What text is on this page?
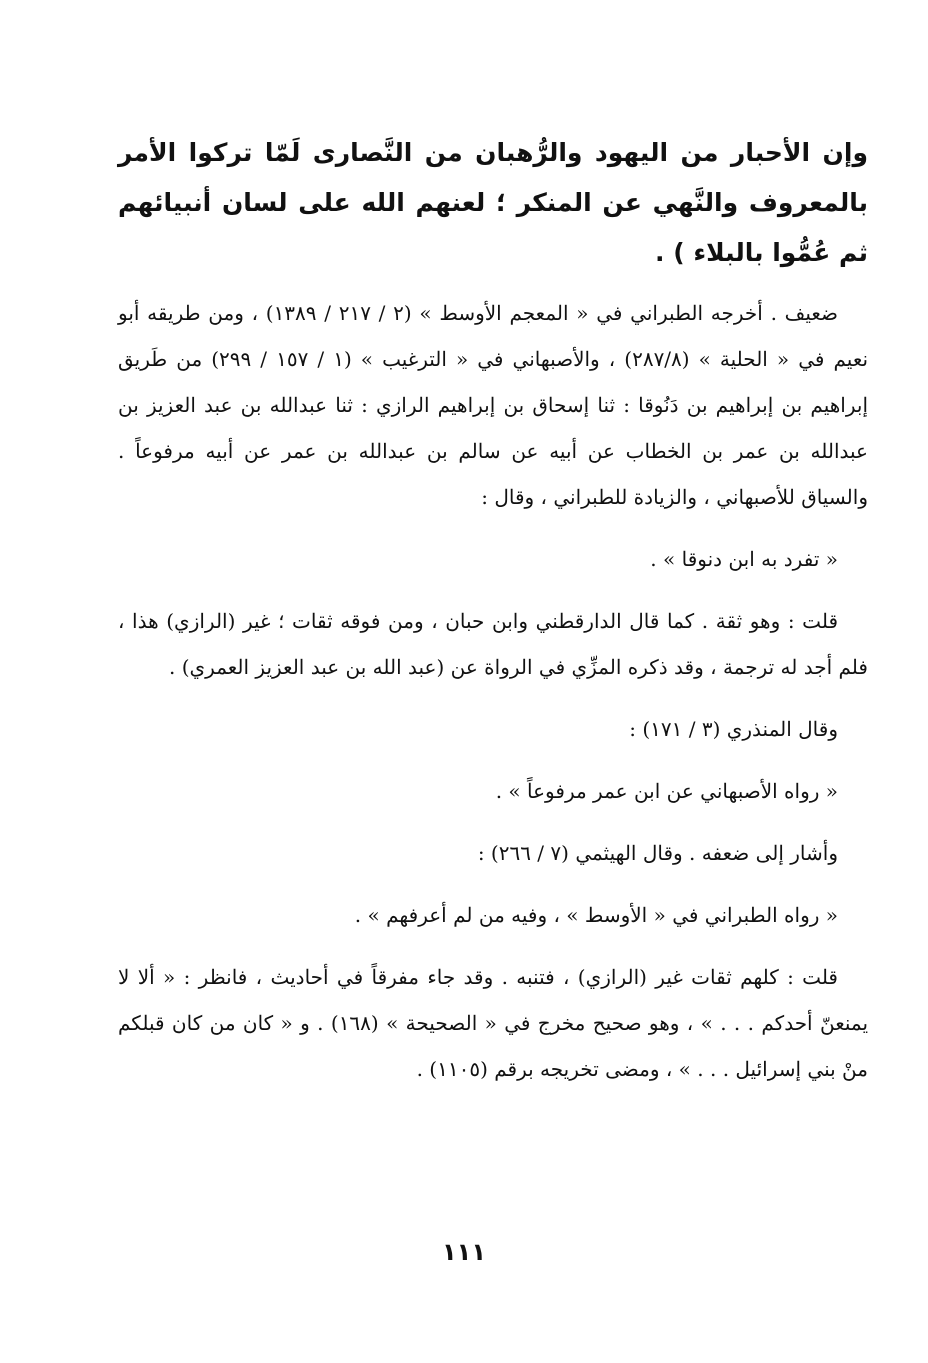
وإن الأحبار من اليهود والرُّهبان من النَّصارى لَمّا تركوا الأمر بالمعروف والنَّهي عن المنكر ؛ لعنهم الله على لسان أنبيائهم ثم عُمُّوا بالبلاء ) .

ضعيف . أخرجه الطبراني في « المعجم الأوسط » (٢ / ٢١٧ / ١٣٨٩) ، ومن طريقه أبو نعيم في « الحلية » (٢٨٧/٨) ، والأصبهاني في « الترغيب » (١ / ١٥٧ / ٢٩٩) من طَريق إبراهيم بن إبراهيم بن دَنُوقا : ثنا إسحاق بن إبراهيم الرازي : ثنا عبدالله بن عبد العزيز بن عبدالله بن عمر بن الخطاب عن أبيه عن سالم بن عبدالله بن عمر عن أبيه مرفوعاً . والسياق للأصبهاني ، والزيادة للطبراني ، وقال :

« تفرد به ابن دنوقا » .

قلت : وهو ثقة . كما قال الدارقطني وابن حبان ، ومن فوقه ثقات ؛ غير (الرازي) هذا ، فلم أجد له ترجمة ، وقد ذكره المزِّي في الرواة عن (عبد الله بن عبد العزيز العمري) .

وقال المنذري (٣ / ١٧١) :

« رواه الأصبهاني عن ابن عمر مرفوعاً » .

وأشار إلى ضعفه . وقال الهيثمي (٧ / ٢٦٦) :

« رواه الطبراني في « الأوسط » ، وفيه من لم أعرفهم » .

قلت : كلهم ثقات غير (الرازي) ، فتنبه . وقد جاء مفرقاً في أحاديث ، فانظر : « ألا لا يمنعنّ أحدكم . . . » ، وهو صحيح مخرج في « الصحيحة » (١٦٨) . و « كان من كان قبلكم منْ بني إسرائيل . . . » ، ومضى تخريجه برقم (١١٠٥) .

١١١
